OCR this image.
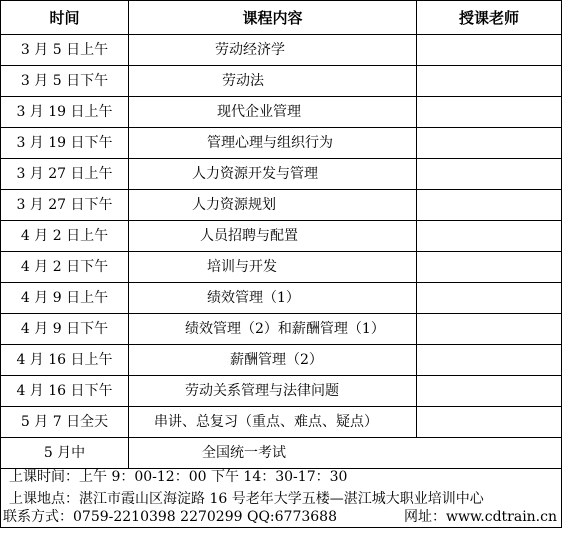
时间	课程内容	授课老师
3 月 5 日上午	劳动经济学	
3 月 5 日下午	劳动法	
3 月 19 日上午	现代企业管理	
3 月 19 日下午	管理心理与组织行为	
3 月 27 日上午	人力资源开发与管理	
3 月 27 日下午	人力资源规划	
4 月 2 日上午	人员招聘与配置	
4 月 2 日下午	培训与开发	
4 月 9 日上午	绩效管理（1）	
4 月 9 日下午	绩效管理（2）和薪酬管理（1）	
4 月 16 日上午	薪酬管理（2）	
4 月 16 日下午	劳动关系管理与法律问题	
5 月 7 日全天	串讲、总复习（重点、难点、疑点）	
5 月中	全国统一考试	

上课时间：上午 9：00-12：00 下午 14：30-17：30
上课地点：湛江市霞山区海淀路 16 号老年大学五楼—湛江城大职业培训中心
联系方式：0759-2210398 2270299 QQ:6773688 网址：www.cdtrain.cn		
